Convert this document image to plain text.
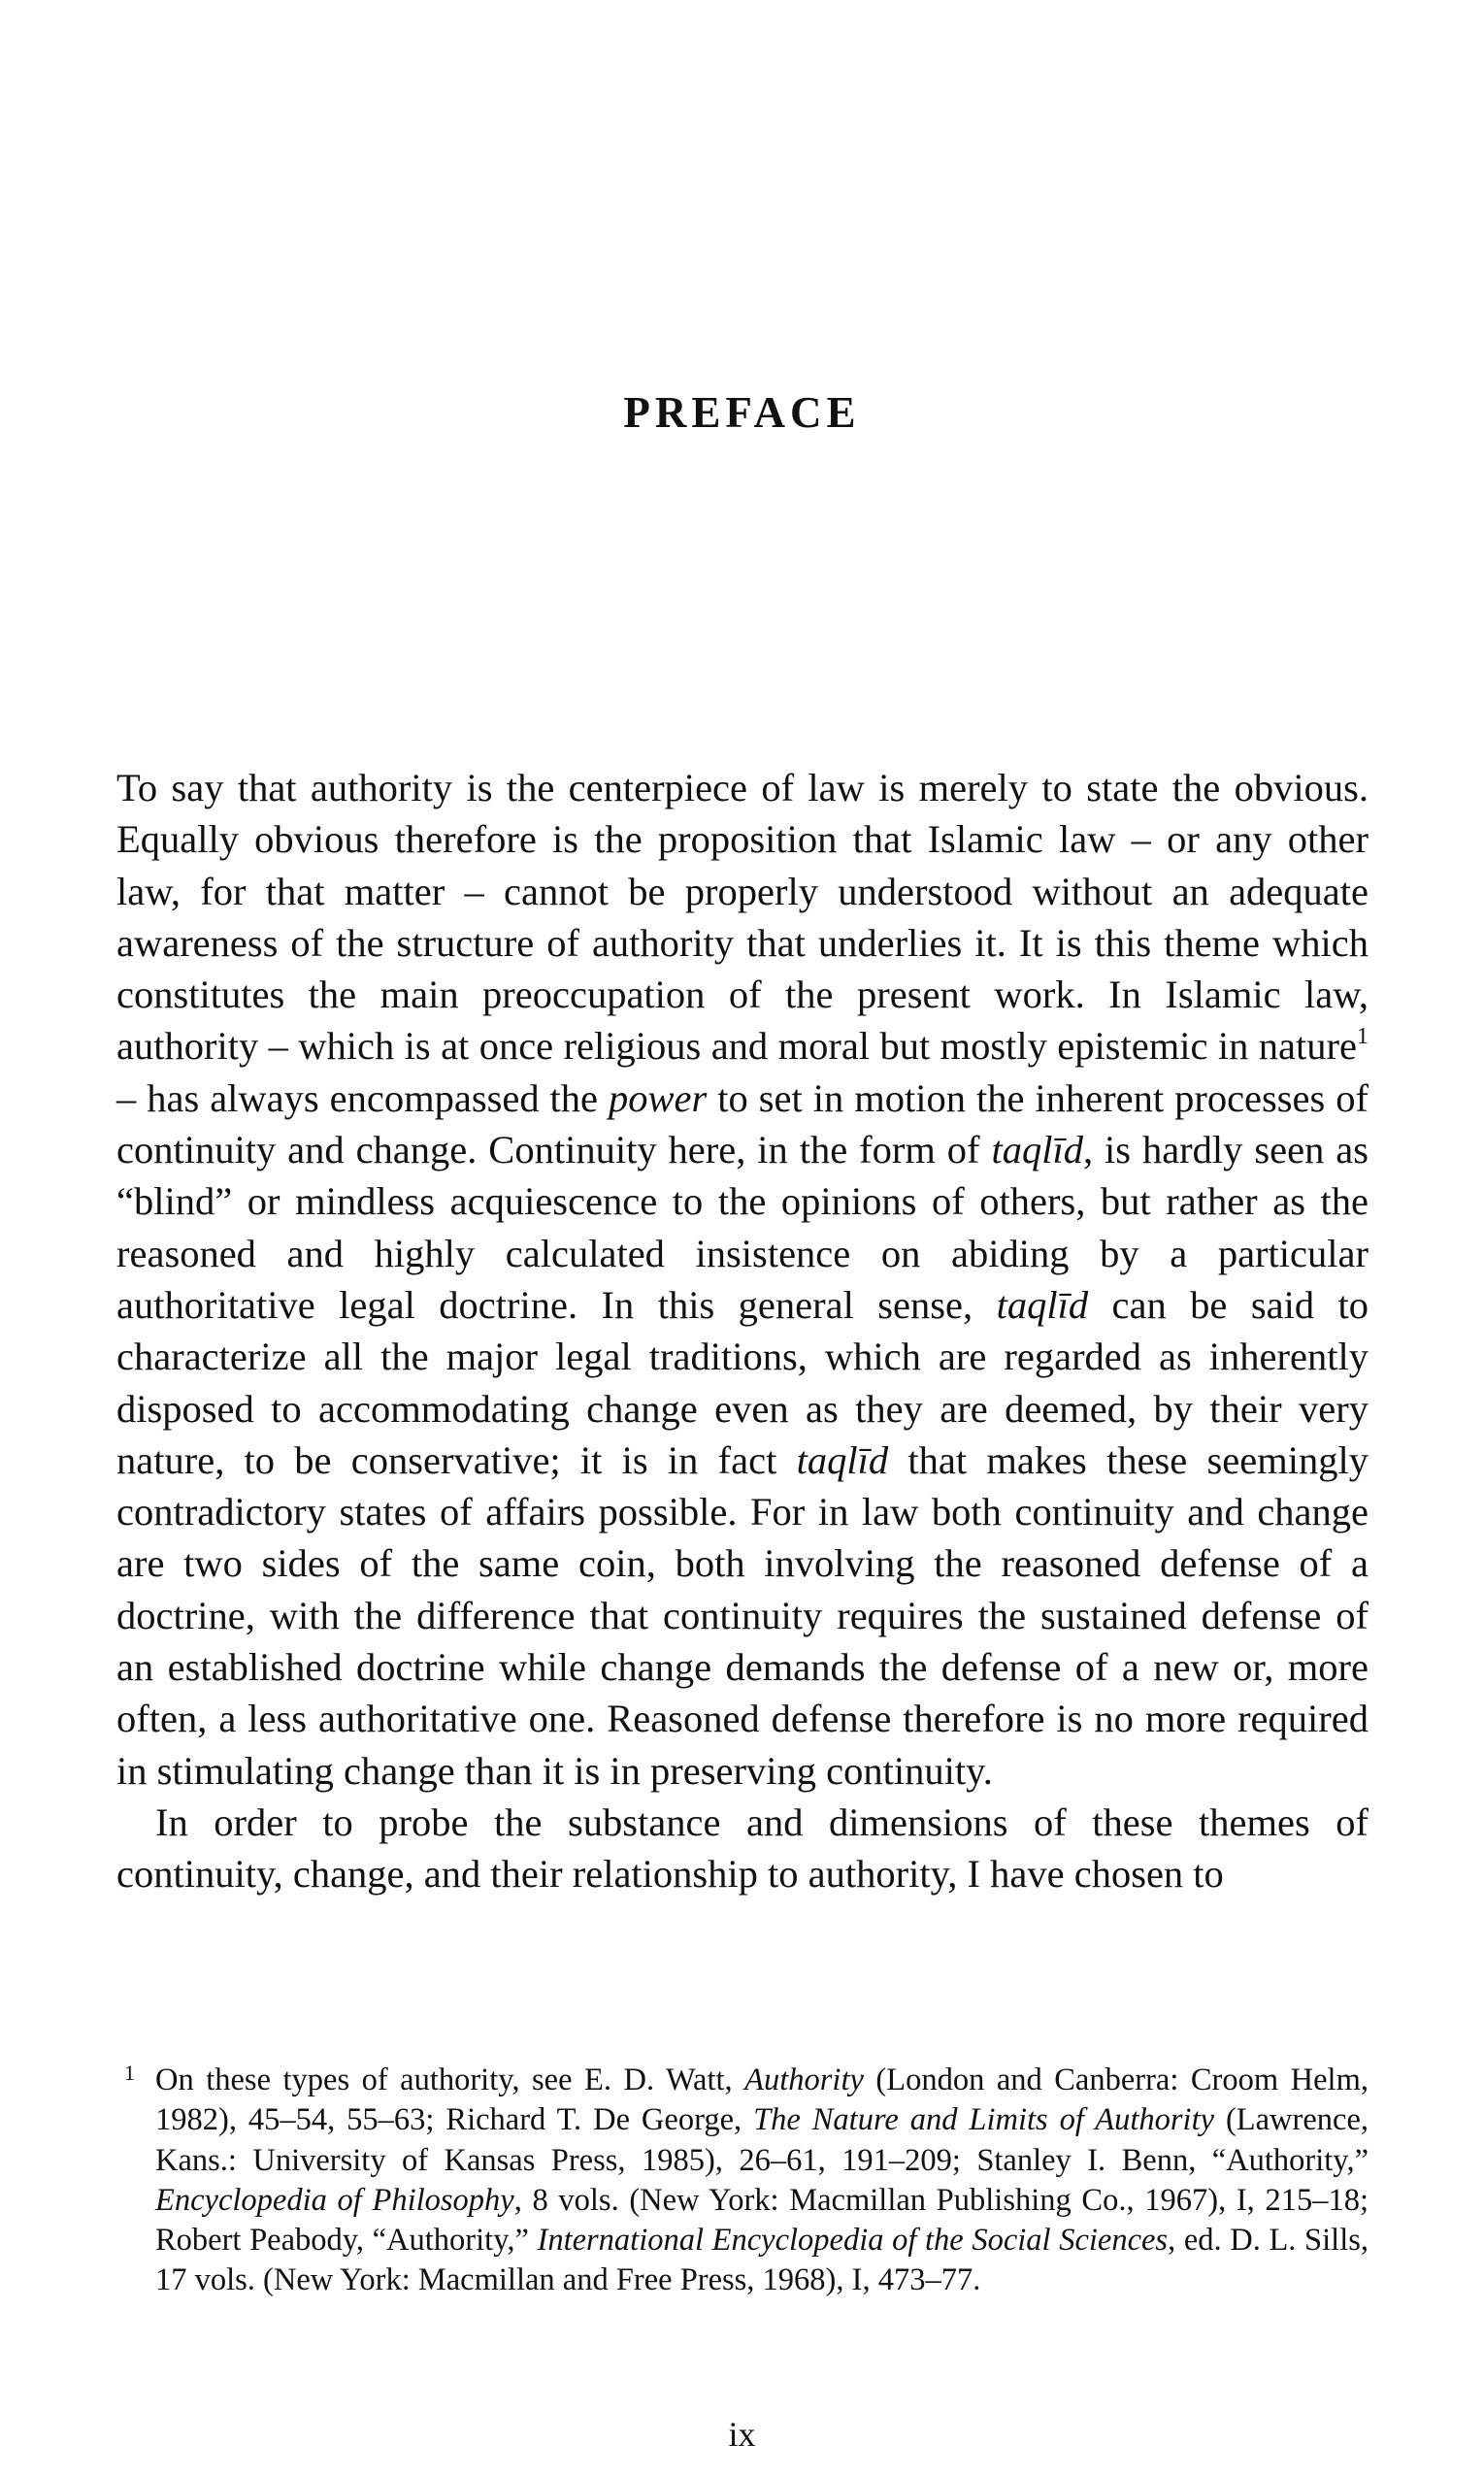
PREFACE

To say that authority is the centerpiece of law is merely to state the obvious. Equally obvious therefore is the proposition that Islamic law – or any other law, for that matter – cannot be properly understood without an adequate awareness of the structure of authority that underlies it. It is this theme which constitutes the main preoccupation of the present work. In Islamic law, authority – which is at once religious and moral but mostly epistemic in nature$^1$ – has always encompassed the power to set in motion the inherent processes of continuity and change. Continuity here, in the form of taqlīd, is hardly seen as “blind” or mindless acquiescence to the opinions of others, but rather as the reasoned and highly calculated insistence on abiding by a particular authoritative legal doctrine. In this general sense, taqlīd can be said to characterize all the major legal traditions, which are regarded as inherently disposed to accommodating change even as they are deemed, by their very nature, to be conservative; it is in fact taqlīd that makes these seemingly contradictory states of affairs possible. For in law both continuity and change are two sides of the same coin, both involving the reasoned defense of a doctrine, with the difference that continuity requires the sustained defense of an established doctrine while change demands the defense of a new or, more often, a less authoritative one. Reasoned defense therefore is no more required in stimulating change than it is in preserving continuity.

In order to probe the substance and dimensions of these themes of continuity, change, and their relationship to authority, I have chosen to

1 On these types of authority, see E. D. Watt, Authority (London and Canberra: Croom Helm, 1982), 45–54, 55–63; Richard T. De George, The Nature and Limits of Authority (Lawrence, Kans.: University of Kansas Press, 1985), 26–61, 191–209; Stanley I. Benn, “Authority,” Encyclopedia of Philosophy, 8 vols. (New York: Macmillan Publishing Co., 1967), I, 215–18; Robert Peabody, “Authority,” International Encyclopedia of the Social Sciences, ed. D. L. Sills, 17 vols. (New York: Macmillan and Free Press, 1968), I, 473–77.
ix
